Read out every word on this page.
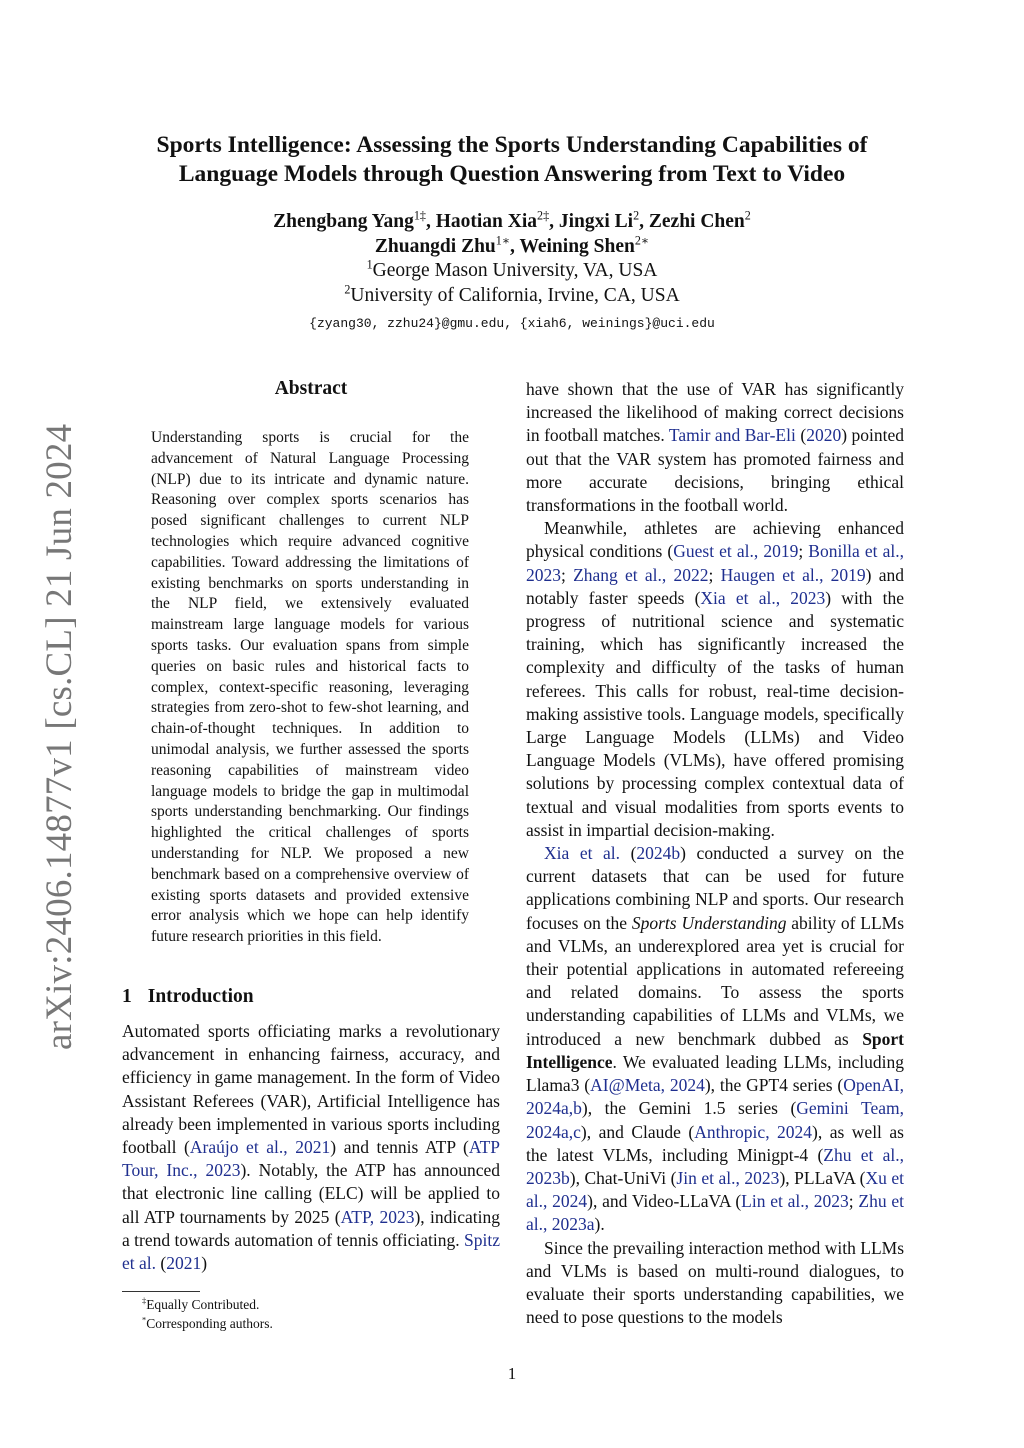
arXiv:2406.14877v1 [cs.CL] 21 Jun 2024
Sports Intelligence: Assessing the Sports Understanding Capabilities of
Language Models through Question Answering from Text to Video
Zhengbang Yang$^{1\ddagger}$, Haotian Xia$^{2\ddagger}$, Jingxi Li$^2$, Zezhi Chen$^2$
Zhuangdi Zhu$^{1∗}$, Weining Shen$^{2∗}$
$^1$George Mason University, VA, USA
$^2$University of California, Irvine, CA, USA
{zyang30, zzhu24}@gmu.edu, {xiah6, weinings}@uci.edu
Abstract
Understanding sports is crucial for the advancement of Natural Language Processing (NLP) due to its intricate and dynamic nature. Reasoning over complex sports scenarios has posed significant challenges to current NLP technologies which require advanced cognitive capabilities. Toward addressing the limitations of existing benchmarks on sports understanding in the NLP field, we extensively evaluated mainstream large language models for various sports tasks. Our evaluation spans from simple queries on basic rules and historical facts to complex, context-specific reasoning, leveraging strategies from zero-shot to few-shot learning, and chain-of-thought techniques. In addition to unimodal analysis, we further assessed the sports reasoning capabilities of mainstream video language models to bridge the gap in multimodal sports understanding benchmarking. Our findings highlighted the critical challenges of sports understanding for NLP. We proposed a new benchmark based on a comprehensive overview of existing sports datasets and provided extensive error analysis which we hope can help identify future research priorities in this field.
1 Introduction
Automated sports officiating marks a revolutionary advancement in enhancing fairness, accuracy, and efficiency in game management. In the form of Video Assistant Referees (VAR), Artificial Intelligence has already been implemented in various sports including football (Araújo et al., 2021) and tennis ATP (ATP Tour, Inc., 2023). Notably, the ATP has announced that electronic line calling (ELC) will be applied to all ATP tournaments by 2025 (ATP, 2023), indicating a trend towards automation of tennis officiating. Spitz et al. (2021)

have shown that the use of VAR has significantly increased the likelihood of making correct decisions in football matches. Tamir and Bar-Eli (2020) pointed out that the VAR system has promoted fairness and more accurate decisions, bringing ethical transformations in the football world.

Meanwhile, athletes are achieving enhanced physical conditions (Guest et al., 2019; Bonilla et al., 2023; Zhang et al., 2022; Haugen et al., 2019) and notably faster speeds (Xia et al., 2023) with the progress of nutritional science and systematic training, which has significantly increased the complexity and difficulty of the tasks of human referees. This calls for robust, real-time decision-making assistive tools. Language models, specifically Large Language Models (LLMs) and Video Language Models (VLMs), have offered promising solutions by processing complex contextual data of textual and visual modalities from sports events to assist in impartial decision-making.

Xia et al. (2024b) conducted a survey on the current datasets that can be used for future applications combining NLP and sports. Our research focuses on the Sports Understanding ability of LLMs and VLMs, an underexplored area yet is crucial for their potential applications in automated refereeing and related domains. To assess the sports understanding capabilities of LLMs and VLMs, we introduced a new benchmark dubbed as Sport Intelligence. We evaluated leading LLMs, including Llama3 (AI@Meta, 2024), the GPT4 series (OpenAI, 2024a,b), the Gemini 1.5 series (Gemini Team, 2024a,c), and Claude (Anthropic, 2024), as well as the latest VLMs, including Minigpt-4 (Zhu et al., 2023b), Chat-UniVi (Jin et al., 2023), PLLaVA (Xu et al., 2024), and Video-LLaVA (Lin et al., 2023; Zhu et al., 2023a).

Since the prevailing interaction method with LLMs and VLMs is based on multi-round dialogues, to evaluate their sports understanding capabilities, we need to pose questions to the models

‡Equally Contributed.
*Corresponding authors.
1
